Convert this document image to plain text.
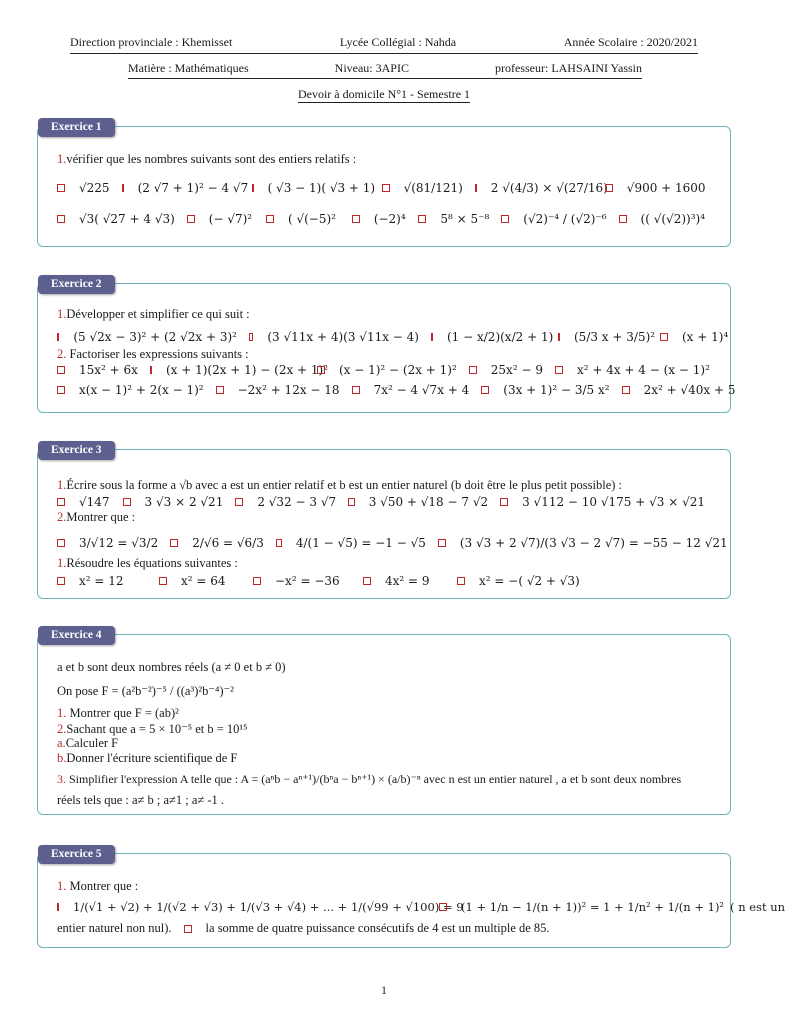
Direction provinciale : Khemisset	Lycée Collégial : Nahda	Année Scolaire : 2020/2021
Matière : Mathématiques	Niveau: 3APIC	professeur: LAHSAINI Yassin
Devoir à domicile N°1 - Semestre 1
Exercice 1
1.vérifier que les nombres suivants sont des entiers relatifs :
√225 (2 √7 + 1)² − 4 √7 ( √3 − 1)( √3 + 1) √(81/121) 2 √(4/3) × √(27/16) √900 + 1600
√3( √27 + 4 √3)	(− √7)²	( √(−5)²	(−2)⁴	5⁸ × 5⁻⁸	(√2)⁻⁴ / (√2)⁻⁶	(( √(√2))³)⁴
Exercice 2
1.Développer et simplifier ce qui suit :
(5 √2x − 3)² + (2 √2x + 3)²	(3 √11x + 4)(3 √11x − 4) (1 − x/2)(x/2 + 1) (5/3 x + 3/5)² (x + 1)⁴
2. Factoriser les expressions suivants :
15x² + 6x (x + 1)(2x + 1) − (2x + 1)² (x − 1)² − (2x + 1)²	25x² − 9	x² + 4x + 4 − (x − 1)²
x(x − 1)² + 2(x − 1)²	−2x² + 12x − 18	7x² − 4 √7x + 4	(3x + 1)² − 3/5 x²	2x² + √40x + 5
Exercice 3
1.Écrire sous la forme a √b avec a est un entier relatif et b est un entier naturel (b doit être le plus petit possible) :
√147	3 √3 × 2 √21	2 √32 − 3 √7	3 √50 + √18 − 7 √2	3 √112 − 10 √175 + √3 × √21
2.Montrer que :
3/√12 = √3/2	2/√6 = √6/3	4/(1 − √5) = −1 − √5	(3 √3 + 2 √7)/(3 √3 − 2 √7) = −55 − 12 √21
1.Résoudre les équations suivantes :
x² = 12	x² = 64	−x² = −36	4x² = 9	x² = −( √2 + √3)
Exercice 4
a et b sont deux nombres réels (a ≠ 0 et b ≠ 0)
On pose F = (a²b⁻²)⁻⁵ / ((a³)²b⁻⁴)⁻²
1. Montrer que F = (ab)²
2.Sachant que a = 5 × 10⁻⁵ et b = 10¹⁵
a.Calculer F
b.Donner l'écriture scientifique de F
3. Simplifier l'expression A telle que : A = (aⁿb − aⁿ⁺¹)/(bⁿa − bⁿ⁺¹) × (a/b)⁻ⁿ avec n est un entier naturel , a et b sont deux nombres
réels tels que : a≠ b ; a≠1 ; a≠ -1 .
Exercice 5
1. Montrer que :
1/(√1 + √2) + 1/(√2 + √3) + 1/(√3 + √4) + ... + 1/(√99 + √100) = 9
(1 + 1/n − 1/(n + 1))² = 1 + 1/n² + 1/(n + 1)² ( n est un
entier naturel non nul).	la somme de quatre puissance consécutifs de 4 est un multiple de 85.
1
